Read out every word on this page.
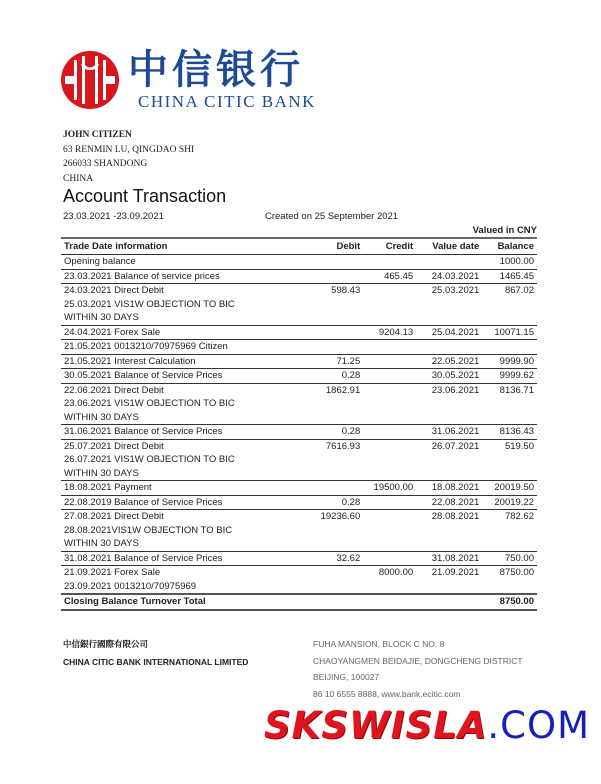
中信银行
CHINA CITIC BANK
JOHN CITIZEN
63 RENMIN LU, QINGDAO SHI
266033 SHANDONG
CHINA
Account Transaction
23.03.2021 -23.09.2021	Created on 25 September 2021
Valued in CNY
Trade Date information	Debit	Credit	Value date	Balance
Opening balance				1000.00
23.03.2021 Balance of service prices		465.45	24.03.2021	1465.45
24.03.2021 Direct Debit	598.43		25.03.2021	867.02
25.03.2021 VIS1W OBJECTION TO BIC				
WITHIN 30 DAYS				
24.04.2021 Forex Sale		9204.13	25.04.2021	10071.15
21.05.2021 0013210/70975969 Citizen				
21.05.2021 Interest Calculation	71.25		22.05.2021	9999.90
30.05.2021 Balance of Service Prices	0.28		30.05.2021	9999.62
22.06.2021 Direct Debit	1862.91		23.06.2021	8136.71
23.06.2021 VIS1W OBJECTION TO BIC				
WITHIN 30 DAYS				
31.06.2021 Balance of Service Prices	0.28		31.06.2021	8136.43
25.07.2021 Direct Debit	7616.93		26.07.2021	519.50
26.07.2021 VIS1W OBJECTION TO BIC				
WITHIN 30 DAYS				
18.08.2021 Payment		19500.00	18.08.2021	20019.50
22.08.2019 Balance of Service Prices	0.28		22.08.2021	20019.22
27.08.2021 Direct Debit	19236.60		28.08.2021	782.62
28.08.2021VIS1W OBJECTION TO BIC				
WITHIN 30 DAYS				
31.08.2021 Balance of Service Prices	32.62		31.08.2021	750.00
21.09.2021 Forex Sale		8000.00	21.09.2021	8750.00
23.09.2021 0013210/70975969				
Closing Balance Turnover Total				8750.00
中信銀行國際有限公司
CHINA CITIC BANK INTERNATIONAL LIMITED
FUHA MANSION, BLOCK C NO. 8
CHAOYANGMEN BEIDAJIE, DONGCHENG DISTRICT
BEIJING, 100027
86 10 6555 8888, www.bank.ecitic.com
SKSWISLA.COM
